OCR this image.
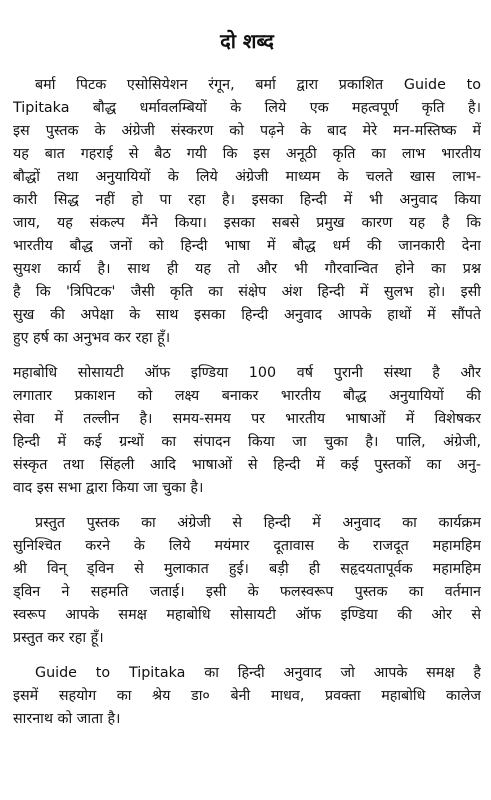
दो शब्द
बर्मा पिटक एसोसियेशन रंगून, बर्मा द्वारा प्रकाशित Guide to
Tipitaka बौद्ध धर्मावलम्बियों के लिये एक महत्वपूर्ण कृति है।
इस पुस्तक के अंग्रेजी संस्करण को पढ़ने के बाद मेरे मन-मस्तिष्क में
यह बात गहराई से बैठ गयी कि इस अनूठी कृति का लाभ भारतीय
बौद्धों तथा अनुयायियों के लिये अंग्रेजी माध्यम के चलते खास लाभ-
कारी सिद्ध नहीं हो पा रहा है। इसका हिन्दी में भी अनुवाद किया
जाय, यह संकल्प मैंने किया। इसका सबसे प्रमुख कारण यह है कि
भारतीय बौद्ध जनों को हिन्दी भाषा में बौद्ध धर्म की जानकारी देना
सुयश कार्य है। साथ ही यह तो और भी गौरवान्वित होने का प्रश्न
है कि 'त्रिपिटक' जैसी कृति का संक्षेप अंश हिन्दी में सुलभ हो। इसी
सुख की अपेक्षा के साथ इसका हिन्दी अनुवाद आपके हाथों में सौंपते
हुए हर्ष का अनुभव कर रहा हूँ।
महाबोधि सोसायटी ऑफ इण्डिया 100 वर्ष पुरानी संस्था है और
लगातार प्रकाशन को लक्ष्य बनाकर भारतीय बौद्ध अनुयायियों की
सेवा में तल्लीन है। समय-समय पर भारतीय भाषाओं में विशेषकर
हिन्दी में कई ग्रन्थों का संपादन किया जा चुका है। पालि, अंग्रेजी,
संस्कृत तथा सिंहली आदि भाषाओं से हिन्दी में कई पुस्तकों का अनु-
वाद इस सभा द्वारा किया जा चुका है।
प्रस्तुत पुस्तक का अंग्रेजी से हिन्दी में अनुवाद का कार्यक्रम
सुनिश्चित करने के लिये मयंमार दूतावास के राजदूत महामहिम
श्री विन् ड्विन से मुलाकात हुई। बड़ी ही सहृदयतापूर्वक महामहिम
ड्विन ने सहमति जताई। इसी के फलस्वरूप पुस्तक का वर्तमान
स्वरूप आपके समक्ष महाबोधि सोसायटी ऑफ इण्डिया की ओर से
प्रस्तुत कर रहा हूँ।
Guide to Tipitaka का हिन्दी अनुवाद जो आपके समक्ष है
इसमें सहयोग का श्रेय डा० बेनी माधव, प्रवक्ता महाबोधि कालेज
सारनाथ को जाता है।
